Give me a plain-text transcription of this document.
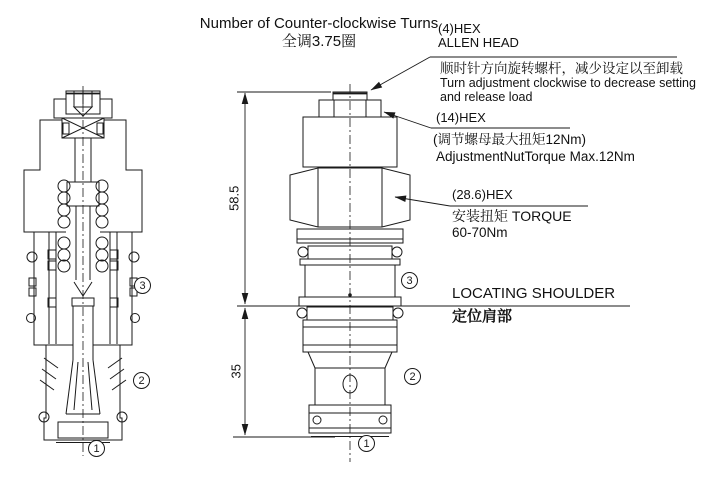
Number of Counter-clockwise Turns
全调3.75圈
(4)HEX
ALLEN HEAD
顺时针方向旋转螺杆，减少设定以至卸载
Turn adjustment clockwise to decrease setting
and release load
(14)HEX
(调节螺母最大扭矩12Nm)
AdjustmentNutTorque Max.12Nm
(28.6)HEX
安装扭矩 TORQUE
60-70Nm
LOCATING SHOULDER
定位肩部
58.5
35
3
2
1
3
2
1
